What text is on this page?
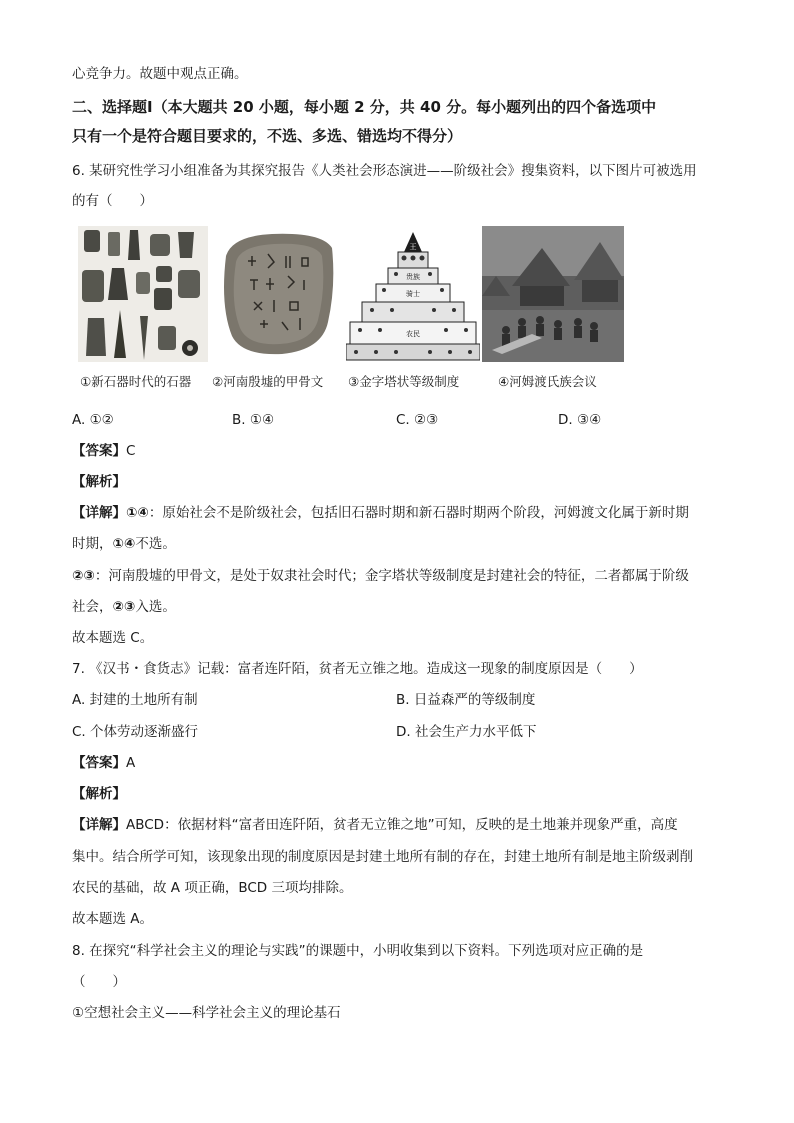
心竞争力。故题中观点正确。
二、选择题Ⅰ（本大题共 20 小题，每小题 2 分，共 40 分。每小题列出的四个备选项中
只有一个是符合题目要求的，不选、多选、错选均不得分）
6. 某研究性学习小组准备为其探究报告《人类社会形态演进——阶级社会》搜集资料，以下图片可被选用
的有（　　）
王
贵族
骑士
农民
①新石器时代的石器 ②河南殷墟的甲骨文 ③金字塔状等级制度	④河姆渡氏族会议
A. ①②	B. ①④	C. ②③	D. ③④
【答案】C
【解析】
【详解】①④：原始社会不是阶级社会，包括旧石器时期和新石器时期两个阶段，河姆渡文化属于新时期
时期，①④不选。
②③：河南殷墟的甲骨文，是处于奴隶社会时代；金字塔状等级制度是封建社会的特征，二者都属于阶级
社会，②③入选。
故本题选 C。
7. 《汉书・食货志》记载：富者连阡陌，贫者无立锥之地。造成这一现象的制度原因是（　　）
A. 封建的土地所有制	B. 日益森严的等级制度
C. 个体劳动逐渐盛行	D. 社会生产力水平低下
【答案】A
【解析】
【详解】ABCD：依据材料“富者田连阡陌，贫者无立锥之地”可知，反映的是土地兼并现象严重，高度
集中。结合所学可知，该现象出现的制度原因是封建土地所有制的存在，封建土地所有制是地主阶级剥削
农民的基础，故 A 项正确，BCD 三项均排除。
故本题选 A。
8. 在探究“科学社会主义的理论与实践”的课题中，小明收集到以下资料。下列选项对应正确的是
（　　）
①空想社会主义——科学社会主义的理论基石
